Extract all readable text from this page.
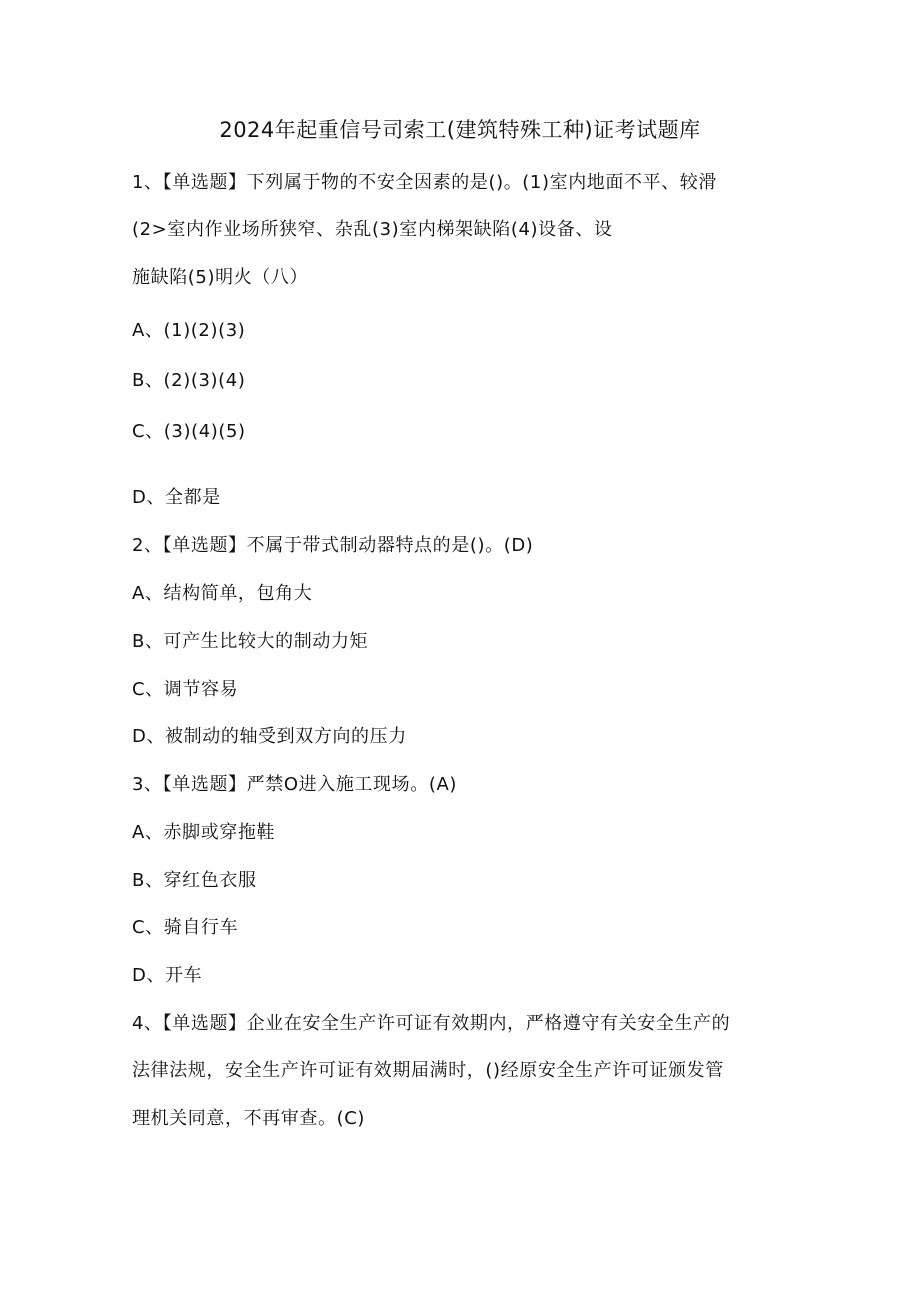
2024年起重信号司索工(建筑特殊工种)证考试题库
1、【单选题】下列属于物的不安全因素的是()。(1)室内地面不平、较滑
(2>室内作业场所狭窄、杂乱(3)室内梯架缺陷(4)设备、设
施缺陷(5)明火（八）
A、(1)(2)(3)
B、(2)(3)(4)
C、(3)(4)(5)
D、全都是
2、【单选题】不属于带式制动器特点的是()。(D)
A、结构简单，包角大
B、可产生比较大的制动力矩
C、调节容易
D、被制动的轴受到双方向的压力
3、【单选题】严禁O进入施工现场。(A)
A、赤脚或穿拖鞋
B、穿红色衣服
C、骑自行车
D、开车
4、【单选题】企业在安全生产许可证有效期内，严格遵守有关安全生产的
法律法规，安全生产许可证有效期届满时，()经原安全生产许可证颁发管
理机关同意，不再审查。(C)
